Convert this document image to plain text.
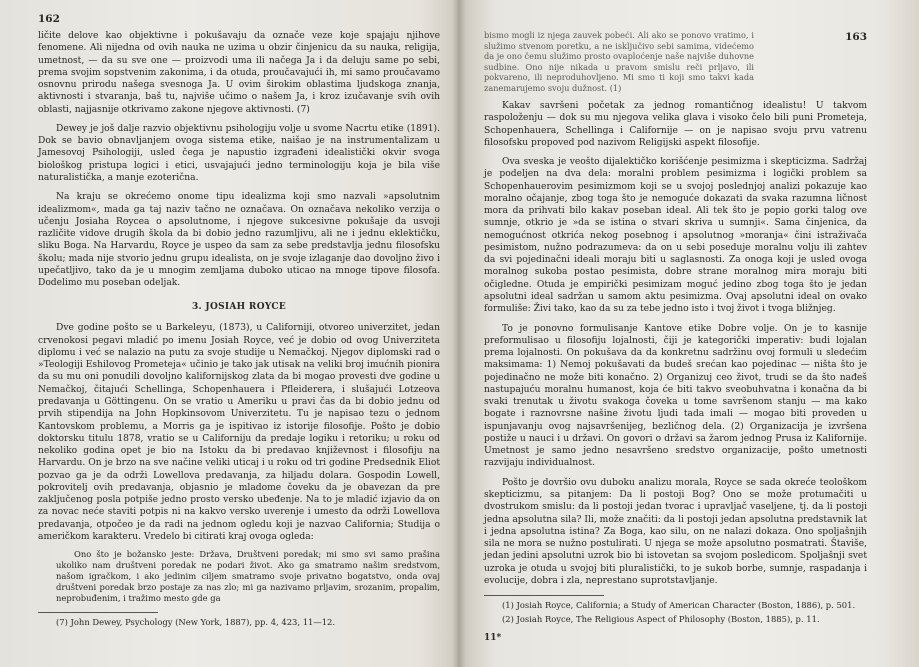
162

ličite delove kao objektivne i pokušavaju da označe veze koje spajaju njihove fenomene. Ali nijedna od ovih nauka ne uzima u obzir činjenicu da su nauka, religija, umetnost, — da su sve one — proizvodi uma ili načega Ja i da deluju same po sebi, prema svojim sopstvenim zakonima, i da otuda, proučavajući ih, mi samo proučavamo osnovnu prirodu našega svesnoga Ja. U ovim širokim oblastima ljudskoga znanja, aktivnosti i stvaranja, baš tu, najviše učimo o našem Ja, i kroz izučavanje svih ovih oblasti, najjasnije otkrivamo zakone njegove aktivnosti. (7)

Dewey je još dalje razvio objektivnu psihologiju volje u svome Nacrtu etike (1891). Dok se bavio obnavljanjem ovoga sistema etike, naišao je na instrumentalizam u Jamesovoj Psihologiji, usled čega je napustio izgrađeni idealistički okvir svoga biološkog pristupa logici i etici, usvajajući jedno terminologiju koja je bila više naturalistička, a manje ezoterična.

Na kraju se okrećemo onome tipu idealizma koji smo nazvali »apsolutnim idealizmom«, mada ga taj naziv tačno ne označava. On označava nekoliko verzija o učenju Josiaha Roycea o apsolutnome, i njegove sukcesivne pokušaje da usvoji različite vidove drugih škola da bi dobio jedno razumljivu, ali ne i jednu eklektičku, sliku Boga. Na Harvardu, Royce je uspeo da sam za sebe predstavlja jednu filosofsku školu; mada nije stvorio jednu grupu idealista, on je svoje izlaganje dao dovoljno živo i upečatljivo, tako da je u mnogim zemljama duboko uticao na mnoge tipove filosofa. Dodelimo mu poseban odeljak.

3. JOSIAH ROYCE

Dve godine pošto se u Barkeleyu, (1873), u Californiji, otvoreo univerzitet, jedan crvenokosi pegavi mladić po imenu Josiah Royce, već je dobio od ovog Univerziteta diplomu i već se nalazio na putu za svoje studije u Nemačkoj. Njegov diplomski rad o »Teologiji Eshilovog Prometeja« učinio je tako jak utisak na veliki broj imućnih pionira da su mu oni ponudili dovoljno kalifornijskog zlata da bi mogao provesti dve godine u Nemačkoj, čitajući Schellinga, Schopenhauera i Pfleiderera, i slušajući Lotzeova predavanja u Göttingenu. On se vratio u Ameriku u pravi čas da bi dobio jednu od prvih stipendija na John Hopkinsovom Univerzitetu. Tu je napisao tezu o jednom Kantovskom problemu, a Morris ga je ispitivao iz istorije filosofije. Pošto je dobio doktorsku titulu 1878, vratio se u Californiju da predaje logiku i retoriku; u roku od nekoliko godina opet je bio na Istoku da bi predavao književnost i filosofiju na Harvardu. On je brzo na sve načine veliki uticaj i u roku od tri godine Predsednik Eliot pozvao ga je da održi Lowellova predavanja, za hiljadu dolara. Gospodin Lowell, pokrovitelj ovih predavanja, objasnio je mladome čoveku da je obavezan da pre zaključenog posla potpiše jedno prosto versko ubeđenje. Na to je mladić izjavio da on za novac neće staviti potpis ni na kakvo versko uverenje i umesto da održi Lowellova predavanja, otpočeo je da radi na jednom ogledu koji je nazvao California; Studija o američkom karakteru. Vredelo bi citirati kraj ovoga ogleda:

Ono što je božansko jeste: Država, Društveni poredak; mi smo svi samo prašina ukoliko nam društveni poredak ne podari život. Ako ga smatramo našim sredstvom, našom igračkom, i ako jedinim ciljem smatramo svoje privatno bogatstvo, onda ovaj društveni poredak brzo postaje za nas zlo; mi ga nazivamo prljavim, srozanim, propalim, neprobuđenim, i tražimo mesto gde ga

(7) John Dewey, Psychology (New York, 1887), pp. 4, 423, 11—12.

163

bismo mogli iz njega zauvek pobeći. Ali ako se ponovo vratimo, i služimo stvenom poretku, a ne isključivo sebi samima, videćemo da je ono čemu služimo prosto ovaploćenje naše najviše duhovne sudbine. Ono nije nikada u pravom smislu reči prljavo, ili pokvareno, ili neproduhovljeno. Mi smo ti koji smo takvi kada zanemarujemo svoju dužnost. (1)

Kakav savršeni početak za jednog romantičnog idealistu! U takvom raspoloženju — dok su mu njegova velika glava i visoko čelo bili puni Prometeja, Schopenhauera, Schellinga i Californije — on je napisao svoju prvu vatrenu filosofsku propoved pod nazivom Religijski aspekt filosofije.

Ova sveska je veošto dijalektičko korišćenje pesimizma i skepticizma. Sadržaj je podeljen na dva dela: moralni problem pesimizma i logički problem sa Schopenhauerovim pesimizmom koji se u svojoj poslednjoj analizi pokazuje kao moralno očajanje, zbog toga što je nemoguće dokazati da svaka razumna ličnost mora da prihvati bilo kakav poseban ideal. Ali tek što je popio gorki talog ove sumnje, otkrio je »da se istina o stvari skriva u sumnji«. Sama činjenica, da nemogućnost otkrića nekog posebnog i apsolutnog »moranja« čini istraživača pesimistom, nužno podrazumeva: da on u sebi poseduje moralnu volju ili zahtev da svi pojedinačni ideali moraju biti u saglasnosti. Za onoga koji je usled ovoga moralnog sukoba postao pesimista, dobre strane moralnog mira moraju biti očigledne. Otuda je empirički pesimizam moguć jedino zbog toga što je jedan apsolutni ideal sadržan u samom aktu pesimizma. Ovaj apsolutni ideal on ovako formuliše: Živi tako, kao da su za tebe jedno isto i tvoj život i tvoga bližnjeg.

To je ponovno formulisanje Kantove etike Dobre volje. On je to kasnije preformulisao u filosofiju lojalnosti, čiji je kategorički imperativ: budi lojalan prema lojalnosti. On pokušava da da konkretnu sadržinu ovoj formuli u sledećim maksimama: 1) Nemoj pokušavati da budeš srećan kao pojedinac — ništa što je pojedinačno ne može biti konačno. 2) Organizuj ceo život, trudi se da što nađeš nastupajuću moralnu humanost, koja će biti takvo sveobuhvatna i konačna da bi svaki trenutak u životu svakoga čoveka u tome savršenom stanju — ma kako bogate i raznovrsne našine životu ljudi tada imali — mogao biti proveden u ispunjavanju ovog najsavršenijeg, bezličnog dela. (2) Organizacija je izvršena postiže u nauci i u državi. On govori o državi sa žarom jednog Prusa iz Kalifornije. Umetnost je samo jedno nesavršeno sredstvo organizacije, pošto umetnosti razvijaju individualnost.

Pošto je dovršio ovu duboku analizu morala, Royce se sada okreće teološkom skepticizmu, sa pitanjem: Da li postoji Bog? Ono se može protumačiti u dvostrukom smislu: da li postoji jedan tvorac i upravljač vaseljene, tj. da li postoji jedna apsolutna sila? Ili, može značiti: da li postoji jedan apsolutna predstavnik lat i jedna apsolutna istina? Za Boga, kao silu, on ne nalazi dokaza. Ono spoljašnjih sila ne mora se nužno postulirati. U njega se može apsolutno posmatrati. Štaviše, jedan jedini apsolutni uzrok bio bi istovetan sa svojom posledicom. Spoljašnji svet uzroka je otuda u svojoj biti pluralistički, to je sukob borbe, sumnje, raspadanja i evolucije, dobra i zla, neprestano suprotstavljanje.

(1) Josiah Royce, California; a Study of American Character (Boston, 1886), p. 501.

(2) Josiah Royce, The Religious Aspect of Philosophy (Boston, 1885), p. 11.

11*
